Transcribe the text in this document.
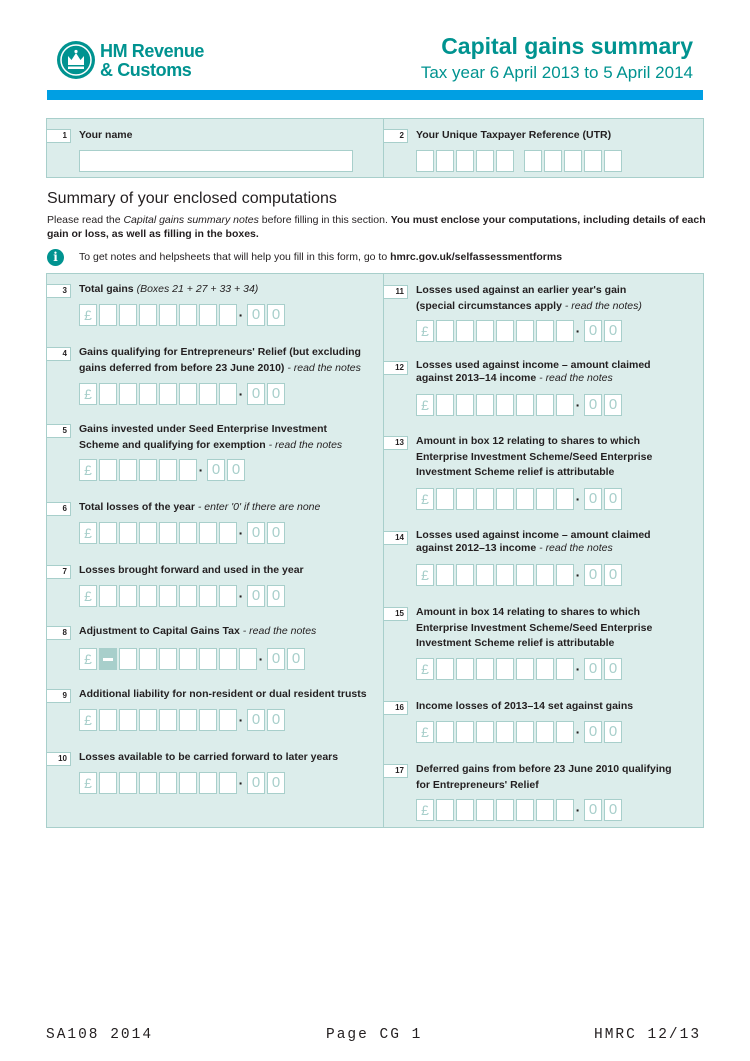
HM Revenue
& Customs
Capital gains summary
Tax year 6 April 2013 to 5 April 2014
1	Your name	2	Your Unique Taxpayer Reference (UTR)
Summary of your enclosed computations
Please read the Capital gains summary notes before filling in this section. You must enclose your computations, including details of each gain or loss, as well as filling in the boxes.
i	To get notes and helpsheets that will help you fill in this form, go to hmrc.gov.uk/selfassessmentforms
3	Total gains (Boxes 21 + 27 + 33 + 34)
£	· 0 0
4	Gains qualifying for Entrepreneurs' Relief (but excluding
gains deferred from before 23 June 2010) - read the notes
£	· 0 0
5	Gains invested under Seed Enterprise Investment
Scheme and qualifying for exemption - read the notes
£	· 0 0
6	Total losses of the year - enter '0' if there are none
£	· 0 0
7	Losses brought forward and used in the year
£	· 0 0
8	Adjustment to Capital Gains Tax - read the notes
£	· 0 0
9	Additional liability for non-resident or dual resident trusts
£	· 0 0
10	Losses available to be carried forward to later years
£	· 0 0
11	Losses used against an earlier year's gain
(special circumstances apply - read the notes)
£	· 0 0
12	Losses used against income – amount claimed
against 2013–14 income - read the notes
£	· 0 0
13	Amount in box 12 relating to shares to which
Enterprise Investment Scheme/Seed Enterprise
Investment Scheme relief is attributable
£	· 0 0
14	Losses used against income – amount claimed
against 2012–13 income - read the notes
£	· 0 0
15	Amount in box 14 relating to shares to which
Enterprise Investment Scheme/Seed Enterprise
Investment Scheme relief is attributable
£	· 0 0
16	Income losses of 2013–14 set against gains
£	· 0 0
17	Deferred gains from before 23 June 2010 qualifying
for Entrepreneurs' Relief
£	· 0 0
SA108 2014	Page CG 1	HMRC 12/13
